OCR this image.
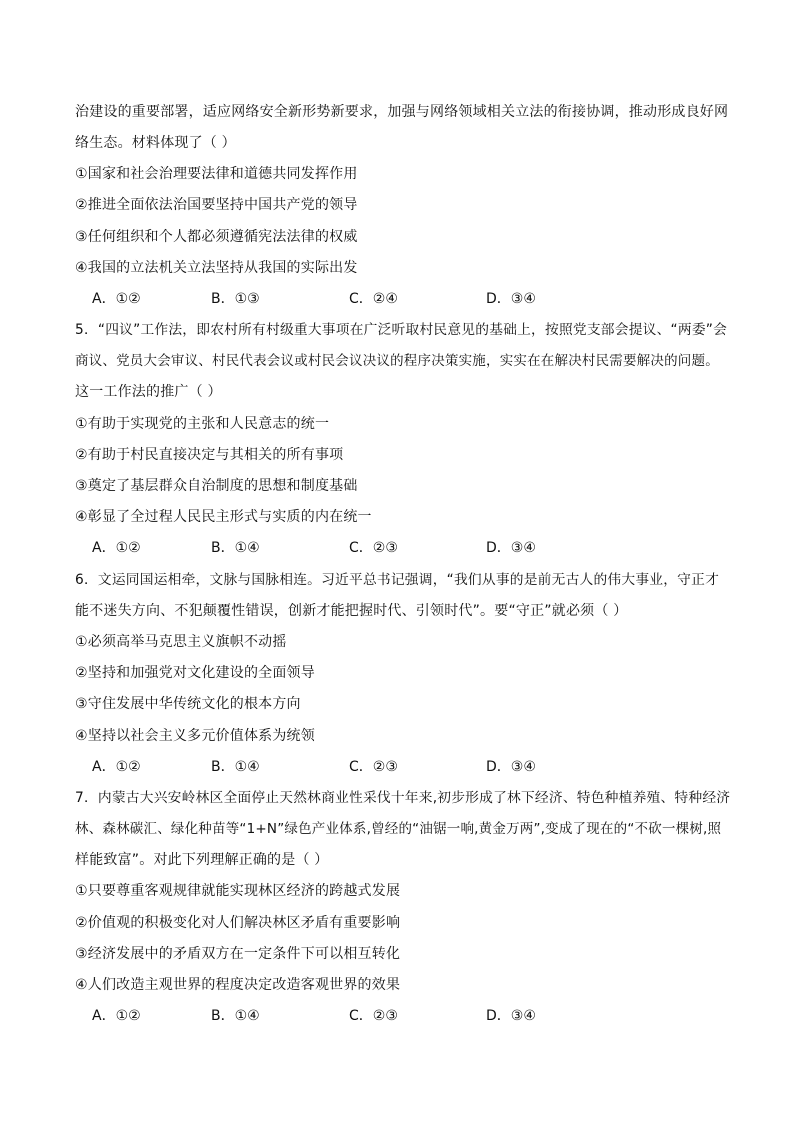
治建设的重要部署，适应网络安全新形势新要求，加强与网络领域相关立法的衔接协调，推动形成良好网
络生态。材料体现了（ ）
①国家和社会治理要法律和道德共同发挥作用
②推进全面依法治国要坚持中国共产党的领导
③任何组织和个人都必须遵循宪法法律的权威
④我国的立法机关立法坚持从我国的实际出发
A．①②	B．①③	C．②④	D．③④
5．“四议”工作法，即农村所有村级重大事项在广泛听取村民意见的基础上，按照党支部会提议、“两委”会
商议、党员大会审议、村民代表会议或村民会议决议的程序决策实施，实实在在解决村民需要解决的问题。
这一工作法的推广（ ）
①有助于实现党的主张和人民意志的统一
②有助于村民直接决定与其相关的所有事项
③奠定了基层群众自治制度的思想和制度基础
④彰显了全过程人民民主形式与实质的内在统一
A．①②	B．①④	C．②③	D．③④
6．文运同国运相牵，文脉与国脉相连。习近平总书记强调，“我们从事的是前无古人的伟大事业，守正才
能不迷失方向、不犯颠覆性错误，创新才能把握时代、引领时代”。要“守正”就必须（ ）
①必须高举马克思主义旗帜不动摇
②坚持和加强党对文化建设的全面领导
③守住发展中华传统文化的根本方向
④坚持以社会主义多元价值体系为统领
A．①②	B．①④	C．②③	D．③④
7．内蒙古大兴安岭林区全面停止天然林商业性采伐十年来,初步形成了林下经济、特色种植养殖、特种经济
林、森林碳汇、绿化种苗等“1+N”绿色产业体系,曾经的“油锯一响,黄金万两”,变成了现在的“不砍一棵树,照
样能致富”。对此下列理解正确的是（ ）
①只要尊重客观规律就能实现林区经济的跨越式发展
②价值观的积极变化对人们解决林区矛盾有重要影响
③经济发展中的矛盾双方在一定条件下可以相互转化
④人们改造主观世界的程度决定改造客观世界的效果
A．①②	B．①④	C．②③	D．③④
